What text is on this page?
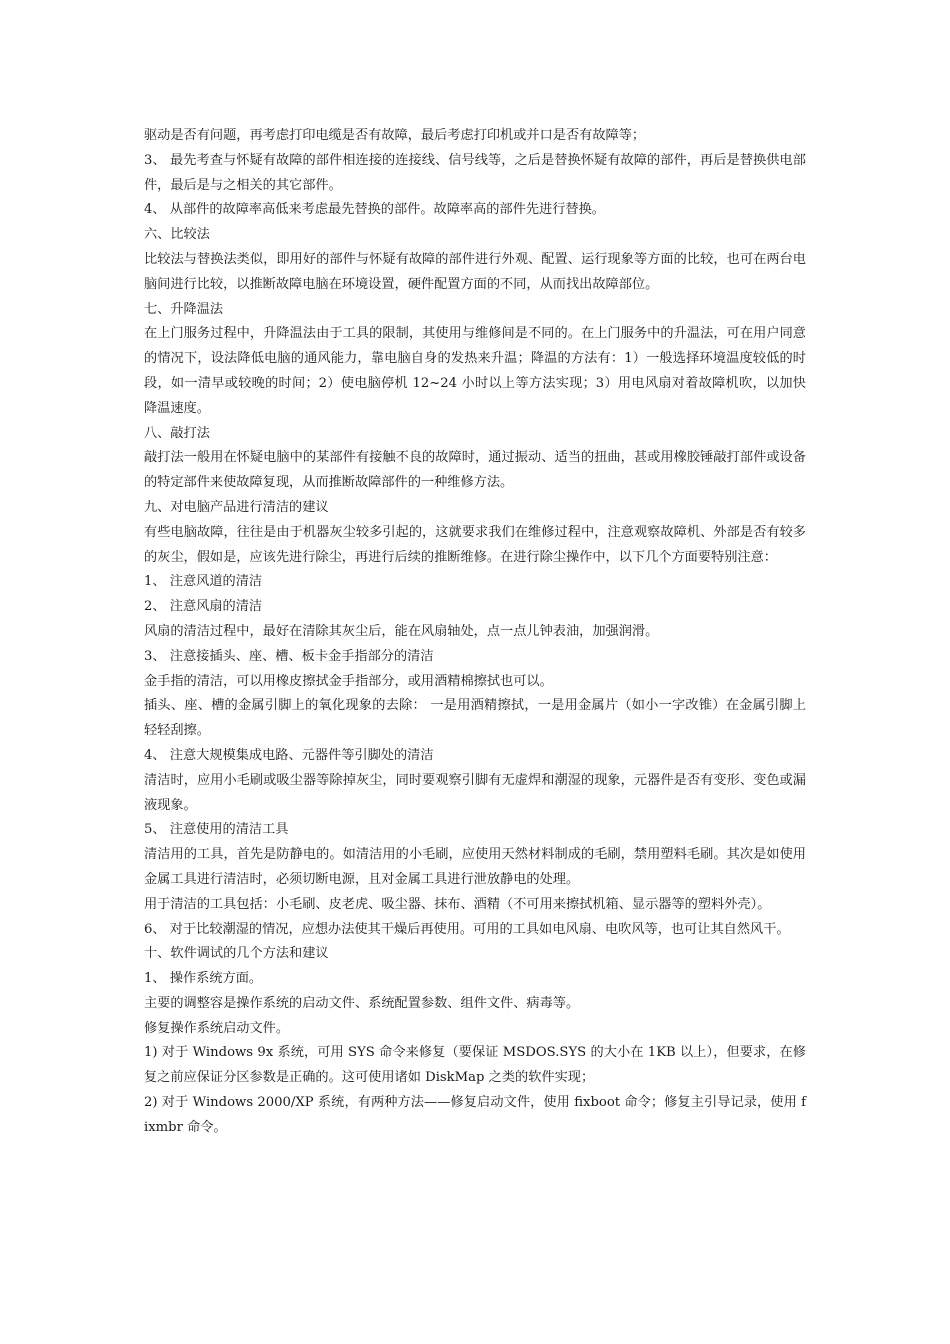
驱动是否有问题，再考虑打印电缆是否有故障，最后考虑打印机或并口是否有故障等；

3、 最先考查与怀疑有故障的部件相连接的连接线、信号线等，之后是替换怀疑有故障的部件，再后是替换供电部件，最后是与之相关的其它部件。

4、 从部件的故障率高低来考虑最先替换的部件。故障率高的部件先进行替换。

六、比较法

比较法与替换法类似，即用好的部件与怀疑有故障的部件进行外观、配置、运行现象等方面的比较，也可在两台电脑间进行比较，以推断故障电脑在环境设置，硬件配置方面的不同，从而找出故障部位。

七、升降温法

在上门服务过程中，升降温法由于工具的限制，其使用与维修间是不同的。在上门服务中的升温法，可在用户同意的情况下，设法降低电脑的通风能力，靠电脑自身的发热来升温；降温的方法有：1）一般选择环境温度较低的时段，如一清早或较晚的时间；2）使电脑停机 12~24 小时以上等方法实现；3）用电风扇对着故障机吹，以加快降温速度。

八、敲打法

敲打法一般用在怀疑电脑中的某部件有接触不良的故障时，通过振动、适当的扭曲，甚或用橡胶锤敲打部件或设备的特定部件来使故障复现，从而推断故障部件的一种维修方法。

九、对电脑产品进行清洁的建议

有些电脑故障，往往是由于机器灰尘较多引起的，这就要求我们在维修过程中，注意观察故障机、外部是否有较多的灰尘，假如是，应该先进行除尘，再进行后续的推断维修。在进行除尘操作中，以下几个方面要特别注意：

1、 注意风道的清洁

2、 注意风扇的清洁

风扇的清洁过程中，最好在清除其灰尘后，能在风扇轴处，点一点儿钟表油，加强润滑。

3、 注意接插头、座、槽、板卡金手指部分的清洁

金手指的清洁，可以用橡皮擦拭金手指部分，或用酒精棉擦拭也可以。

插头、座、槽的金属引脚上的氧化现象的去除： 一是用酒精擦拭，一是用金属片（如小一字改锥）在金属引脚上轻轻刮擦。

4、 注意大规模集成电路、元器件等引脚处的清洁

清洁时，应用小毛刷或吸尘器等除掉灰尘，同时要观察引脚有无虚焊和潮湿的现象，元器件是否有变形、变色或漏液现象。

5、 注意使用的清洁工具

清洁用的工具，首先是防静电的。如清洁用的小毛刷，应使用天然材料制成的毛刷，禁用塑料毛刷。其次是如使用金属工具进行清洁时，必须切断电源，且对金属工具进行泄放静电的处理。

用于清洁的工具包括：小毛刷、皮老虎、吸尘器、抹布、酒精（不可用来擦拭机箱、显示器等的塑料外壳）。

6、 对于比较潮湿的情况，应想办法使其干燥后再使用。可用的工具如电风扇、电吹风等，也可让其自然风干。

十、软件调试的几个方法和建议

1、 操作系统方面。

主要的调整容是操作系统的启动文件、系统配置参数、组件文件、病毒等。

修复操作系统启动文件。

1) 对于 Windows 9x 系统，可用 SYS 命令来修复（要保证 MSDOS.SYS 的大小在 1KB 以上），但要求，在修复之前应保证分区参数是正确的。这可使用诸如 DiskMap 之类的软件实现；

2) 对于 Windows 2000/XP 系统，有两种方法——修复启动文件，使用 fixboot 命令；修复主引导记录，使用 fixmbr 命令。
